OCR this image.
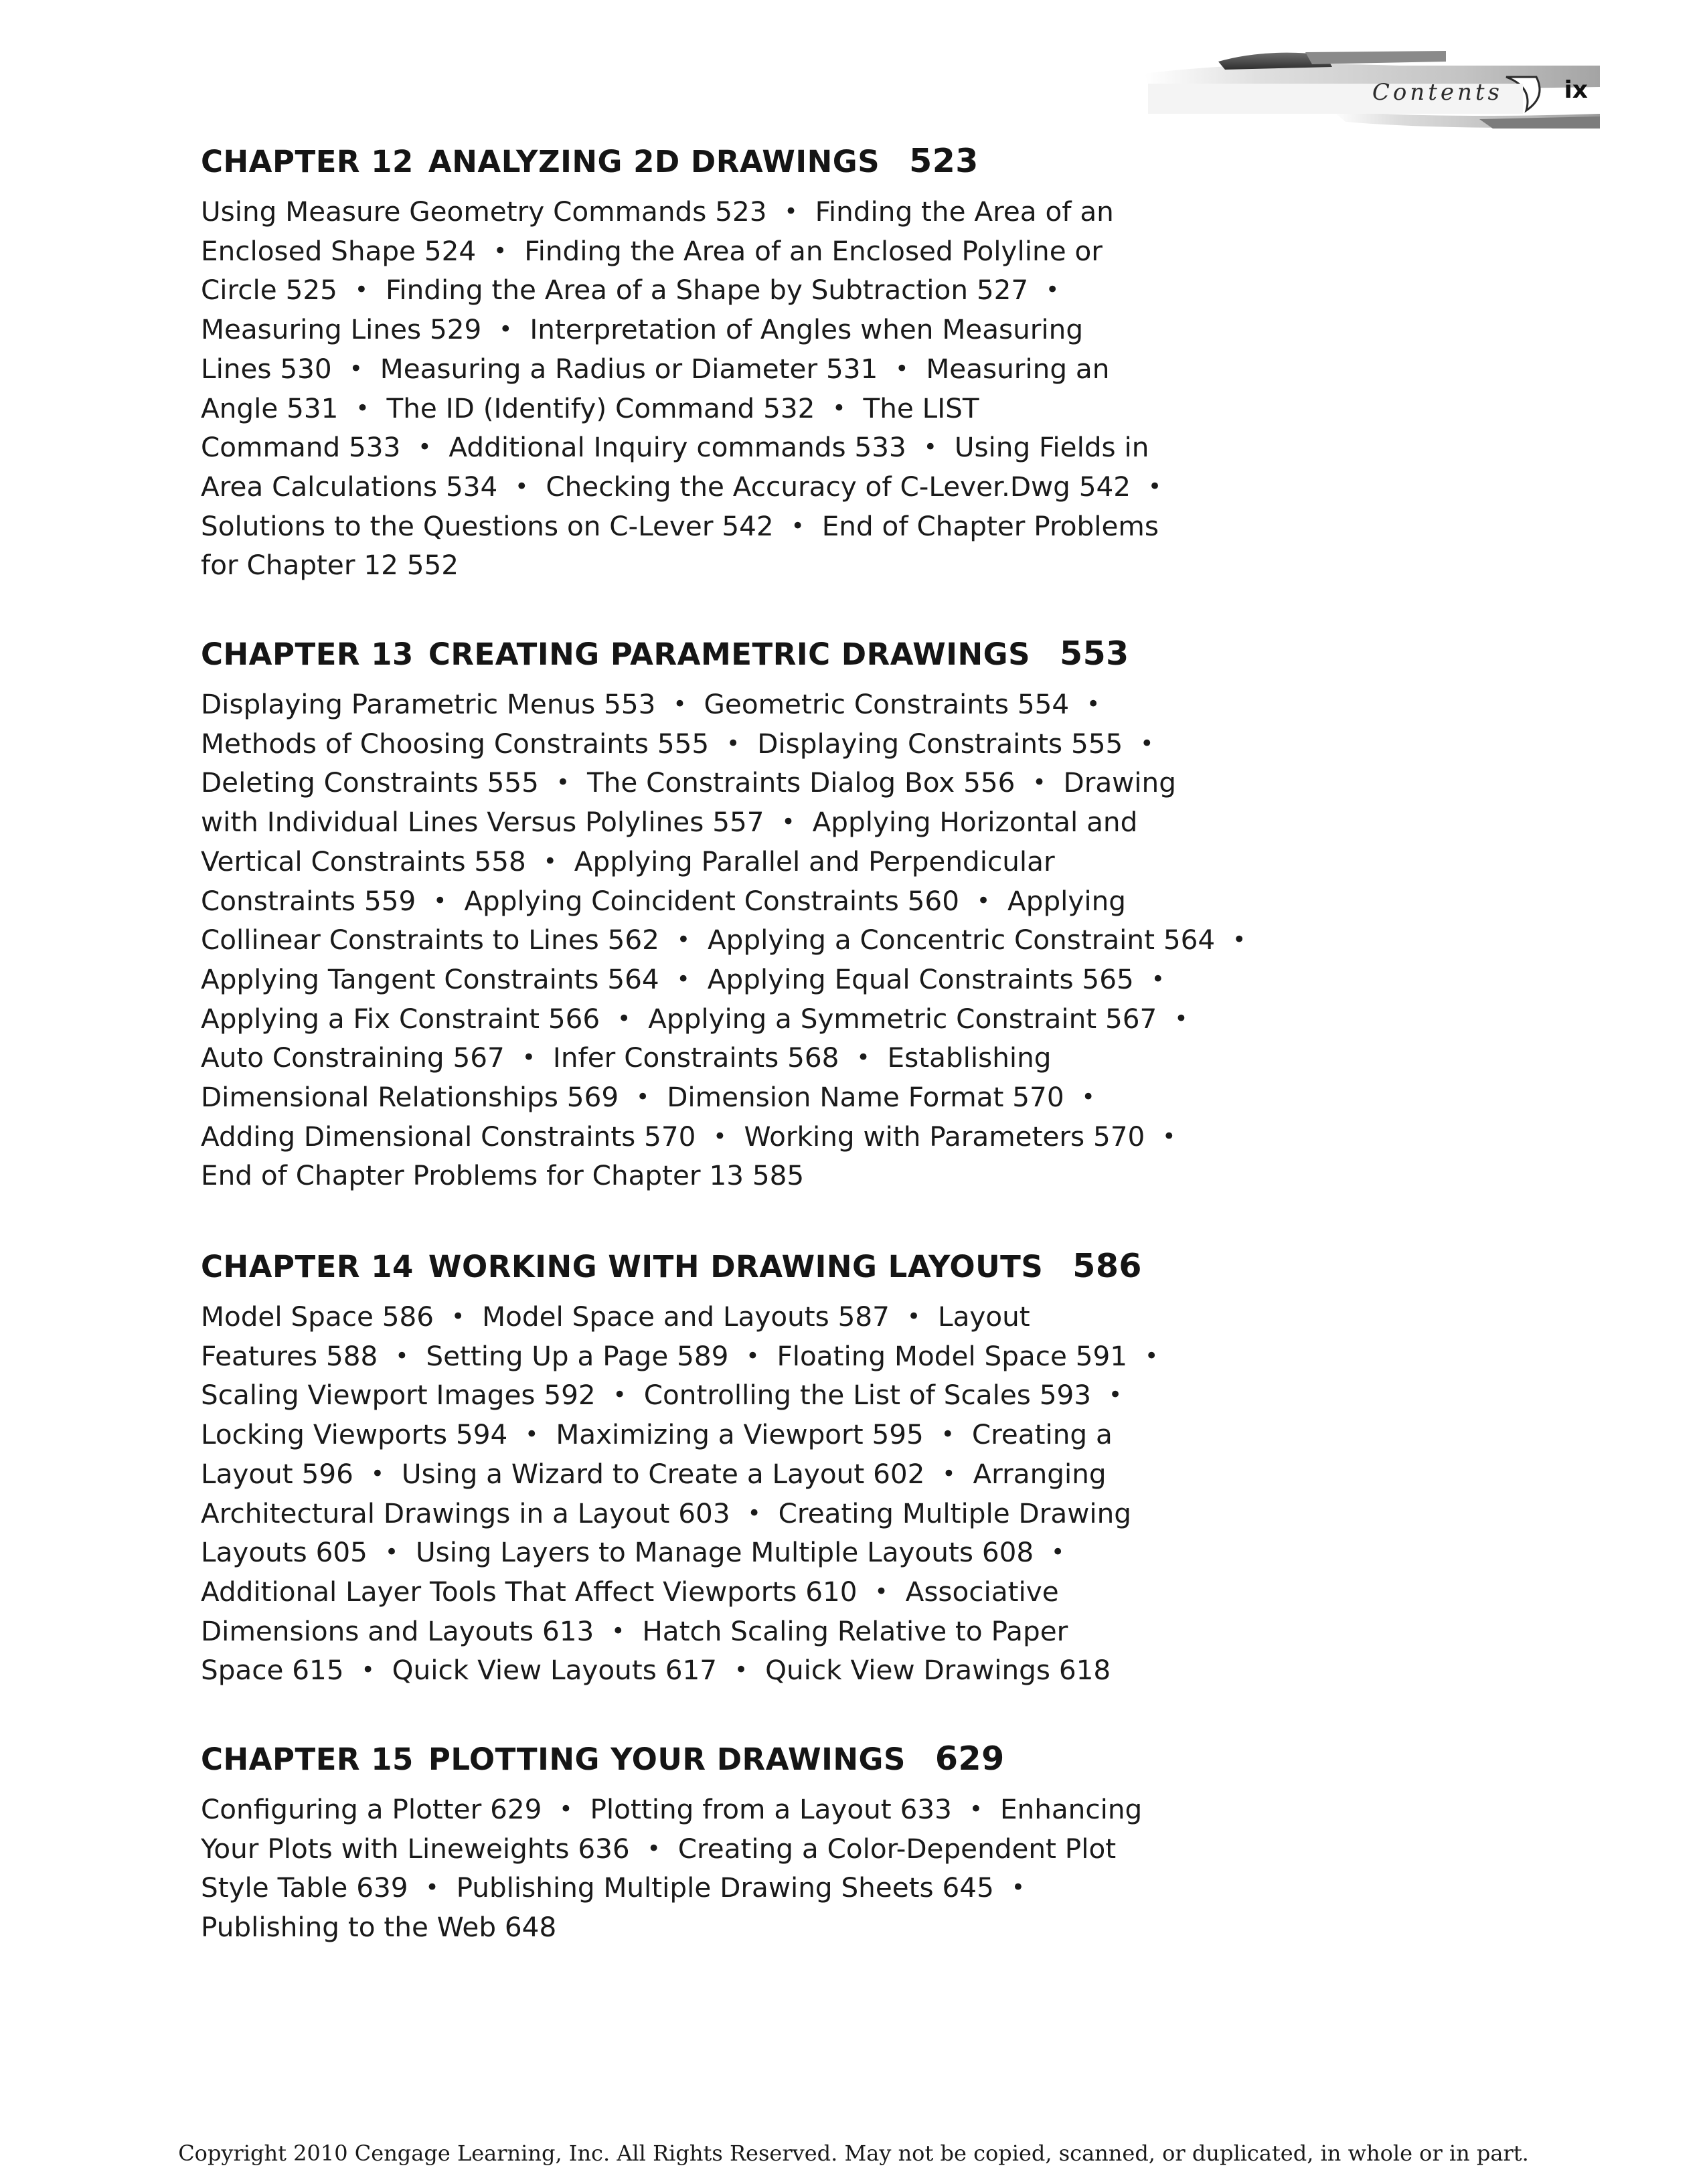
Contents	ix
CHAPTER 12 ANALYZING 2D DRAWINGS 523
Using Measure Geometry Commands 523 • Finding the Area of an
Enclosed Shape 524 • Finding the Area of an Enclosed Polyline or
Circle 525 • Finding the Area of a Shape by Subtraction 527 •
Measuring Lines 529 • Interpretation of Angles when Measuring
Lines 530 • Measuring a Radius or Diameter 531 • Measuring an
Angle 531 • The ID (Identify) Command 532 • The LIST
Command 533 • Additional Inquiry commands 533 • Using Fields in
Area Calculations 534 • Checking the Accuracy of C-Lever.Dwg 542 •
Solutions to the Questions on C-Lever 542 • End of Chapter Problems
for Chapter 12 552
CHAPTER 13 CREATING PARAMETRIC DRAWINGS 553
Displaying Parametric Menus 553 • Geometric Constraints 554 •
Methods of Choosing Constraints 555 • Displaying Constraints 555 •
Deleting Constraints 555 • The Constraints Dialog Box 556 • Drawing
with Individual Lines Versus Polylines 557 • Applying Horizontal and
Vertical Constraints 558 • Applying Parallel and Perpendicular
Constraints 559 • Applying Coincident Constraints 560 • Applying
Collinear Constraints to Lines 562 • Applying a Concentric Constraint 564 •
Applying Tangent Constraints 564 • Applying Equal Constraints 565 •
Applying a Fix Constraint 566 • Applying a Symmetric Constraint 567 •
Auto Constraining 567 • Infer Constraints 568 • Establishing
Dimensional Relationships 569 • Dimension Name Format 570 •
Adding Dimensional Constraints 570 • Working with Parameters 570 •
End of Chapter Problems for Chapter 13 585
CHAPTER 14 WORKING WITH DRAWING LAYOUTS 586
Model Space 586 • Model Space and Layouts 587 • Layout
Features 588 • Setting Up a Page 589 • Floating Model Space 591 •
Scaling Viewport Images 592 • Controlling the List of Scales 593 •
Locking Viewports 594 • Maximizing a Viewport 595 • Creating a
Layout 596 • Using a Wizard to Create a Layout 602 • Arranging
Architectural Drawings in a Layout 603 • Creating Multiple Drawing
Layouts 605 • Using Layers to Manage Multiple Layouts 608 •
Additional Layer Tools That Affect Viewports 610 • Associative
Dimensions and Layouts 613 • Hatch Scaling Relative to Paper
Space 615 • Quick View Layouts 617 • Quick View Drawings 618
CHAPTER 15 PLOTTING YOUR DRAWINGS 629
Configuring a Plotter 629 • Plotting from a Layout 633 • Enhancing
Your Plots with Lineweights 636 • Creating a Color-Dependent Plot
Style Table 639 • Publishing Multiple Drawing Sheets 645 •
Publishing to the Web 648
Copyright 2010 Cengage Learning, Inc. All Rights Reserved. May not be copied, scanned, or duplicated, in whole or in part.
